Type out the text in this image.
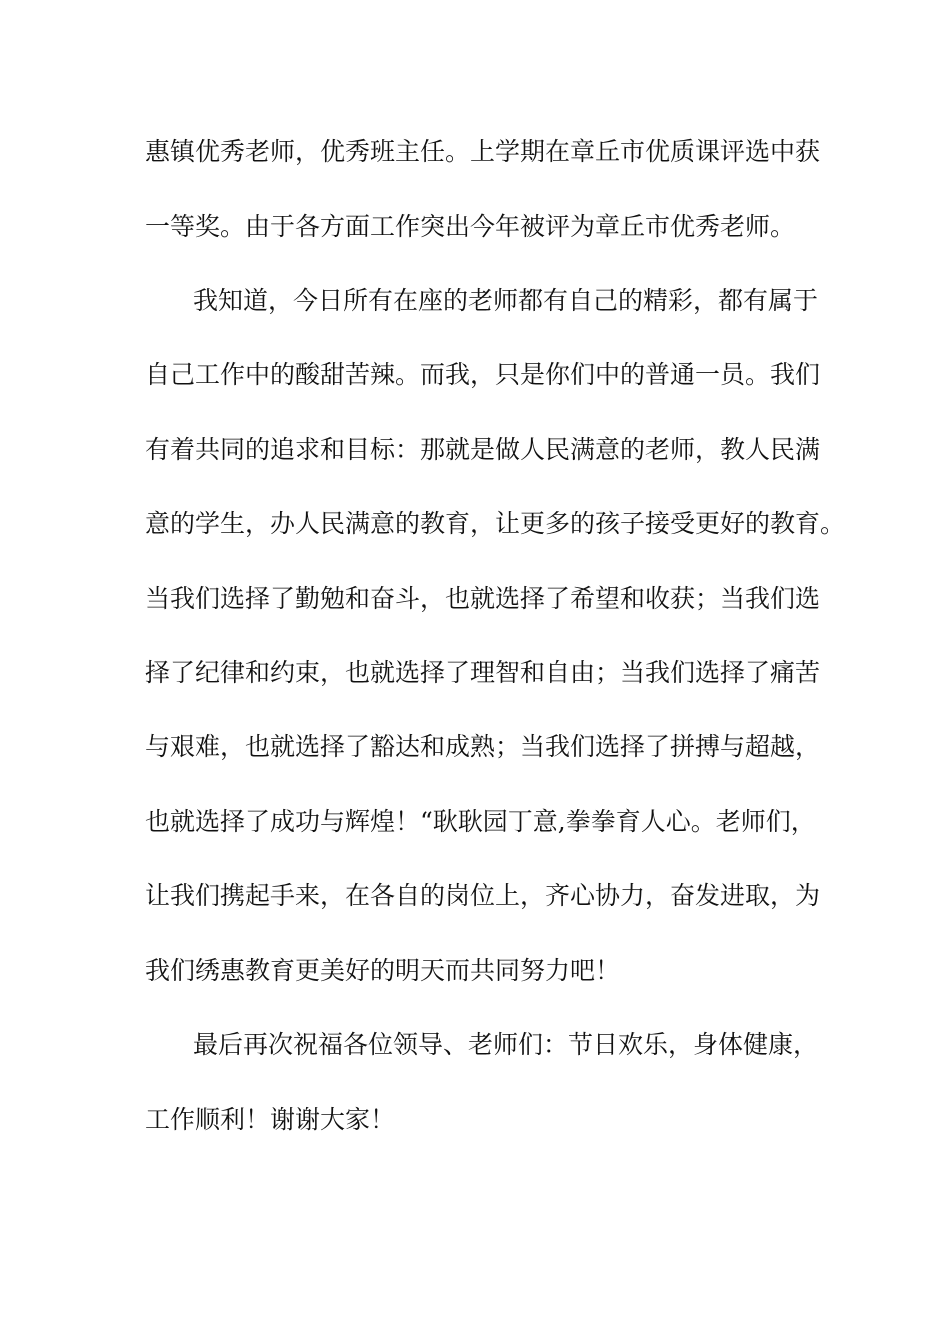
惠镇优秀老师，优秀班主任。上学期在章丘市优质课评选中获
一等奖。由于各方面工作突出今年被评为章丘市优秀老师。
我知道，今日所有在座的老师都有自己的精彩，都有属于
自己工作中的酸甜苦辣。而我，只是你们中的普通一员。我们
有着共同的追求和目标：那就是做人民满意的老师，教人民满
意的学生，办人民满意的教育，让更多的孩子接受更好的教育。
当我们选择了勤勉和奋斗，也就选择了希望和收获；当我们选
择了纪律和约束，也就选择了理智和自由；当我们选择了痛苦
与艰难，也就选择了豁达和成熟；当我们选择了拼搏与超越，
也就选择了成功与辉煌！“耿耿园丁意,拳拳育人心。老师们，
让我们携起手来，在各自的岗位上，齐心协力，奋发进取，为
我们绣惠教育更美好的明天而共同努力吧！
最后再次祝福各位领导、老师们：节日欢乐，身体健康，
工作顺利！谢谢大家！
